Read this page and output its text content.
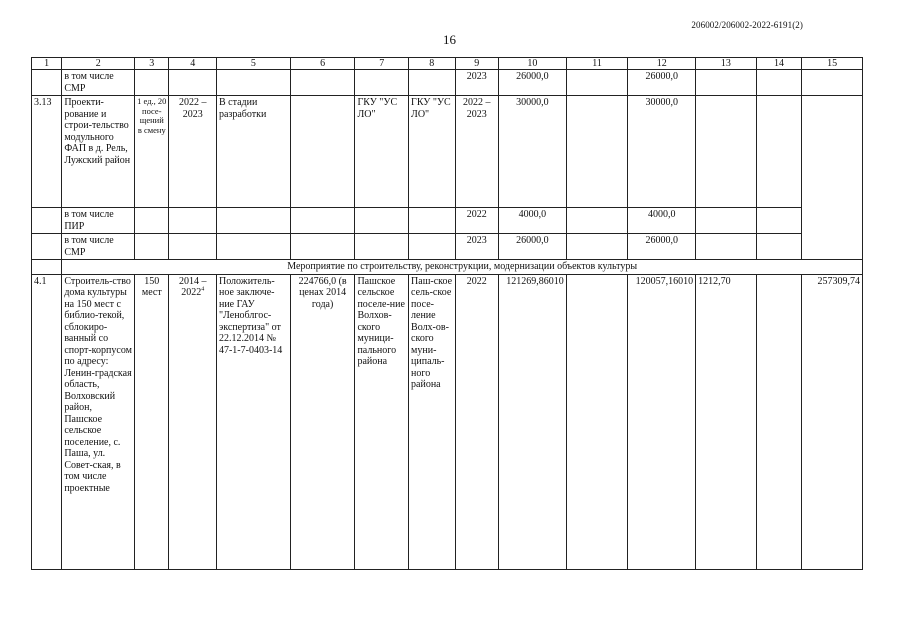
206002/206002-2022-6191(2)
16
1	2	3	4	5	6	7	8	9	10	11	12	13	14	15
	в том числе СМР							2023	26000,0		26000,0			
3.13	Проекти-рование и строи-тельство модульного ФАП в д. Рель, Лужский район	1 ед., 20 посе-щений в смену	2022 – 2023	В стадии разработки		ГКУ "УС ЛО"	ГКУ "УС ЛО"	2022 – 2023	30000,0		30000,0			
	в том числе ПИР							2022	4000,0		4000,0			
	в том числе СМР							2023	26000,0		26000,0			
	Мероприятие по строительству, реконструкции, модернизации объектов культуры													
4.1	Строитель-ство дома культуры на 150 мест с библио-текой, сблокиро-ванный со спорт-корпусом по адресу: Ленин-градская область, Волховский район, Пашское сельское поселение, с. Паша, ул. Совет-ская, в том числе проектные	150 мест	2014 – 2022$^4$	Положитель-ное заключе-ние ГАУ "Леноблгос-экспертиза" от 22.12.2014 № 47-1-7-0403-14	224766,0 (в ценах 2014 года)	Пашское сельское поселе-ние Волхов-ского муници-пального района	Паш-ское сель-ское посе-ление Волх-ов-ского муни-ципаль-ного района	2022	121269,86010		120057,16010	1212,70		257309,74
